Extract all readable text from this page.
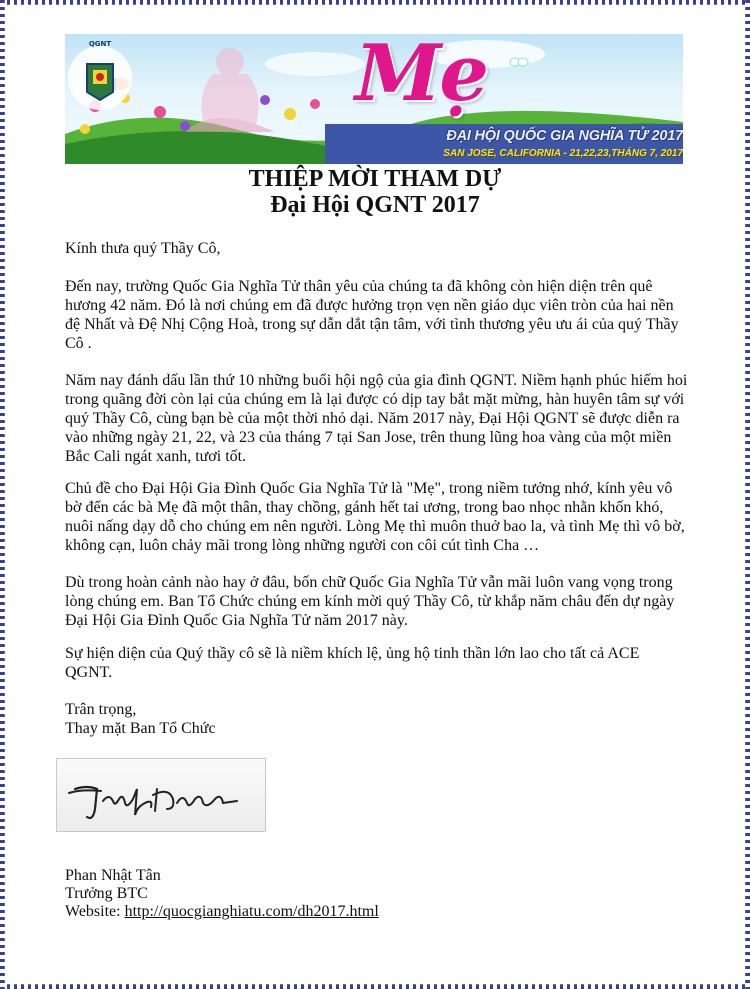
Mẹ
QGNT
ĐẠI HỘI QUỐC GIA NGHĨA TỬ 2017
SAN JOSE, CALIFORNIA - 21,22,23,THÁNG 7, 2017
THIỆP MỜI THAM DỰ
Đại Hội QGNT 2017

Kính thưa quý Thầy Cô,

Đến nay, trường Quốc Gia Nghĩa Tử thân yêu của chúng ta đã không còn hiện diện trên quê hương 42 năm. Đó là nơi chúng em đã được hưởng trọn vẹn nền giáo dục viên tròn của hai nền đệ Nhất và Đệ Nhị Cộng Hoà, trong sự dẫn dắt tận tâm, với tình thương yêu ưu ái của quý Thầy Cô .

Năm nay đánh dấu lần thứ 10 những buổi hội ngộ của gia đình QGNT. Niềm hạnh phúc hiếm hoi trong quãng đời còn lại của chúng em là lại được có dịp tay bắt mặt mừng, hàn huyên tâm sự với quý Thầy Cô, cùng bạn bè của một thời nhỏ dại. Năm 2017 này, Đại Hội QGNT sẽ được diễn ra vào những ngày 21, 22, và 23 của tháng 7 tại San Jose, trên thung lũng hoa vàng của một miền Bắc Cali ngát xanh, tươi tốt.

Chủ đề cho Đại Hội Gia Đình Quốc Gia Nghĩa Tử là "Mẹ", trong niềm tưởng nhớ, kính yêu vô bờ đến các bà Mẹ đã một thân, thay chồng, gánh hết tai ương, trong bao nhọc nhằn khốn khó, nuôi nấng dạy dỗ cho chúng em nên người. Lòng Mẹ thì muôn thuở bao la, và tình Mẹ thì vô bờ, không cạn, luôn chảy mãi trong lòng những người con côi cút tình Cha …

Dù trong hoàn cảnh nào hay ở đâu, bốn chữ Quốc Gia Nghĩa Tử vẫn mãi luôn vang vọng trong lòng chúng em. Ban Tổ Chức chúng em kính mời quý Thầy Cô, từ khắp năm châu đến dự ngày Đại Hội Gia Đình Quốc Gia Nghĩa Tử năm 2017 này.

Sự hiện diện của Quý thầy cô sẽ là niềm khích lệ, ủng hộ tinh thần lớn lao cho tất cả ACE QGNT.

Trân trọng,

Thay mặt Ban Tổ Chức

Phan Nhật Tân

Trưởng BTC

Website: http://quocgianghiatu.com/dh2017.html
